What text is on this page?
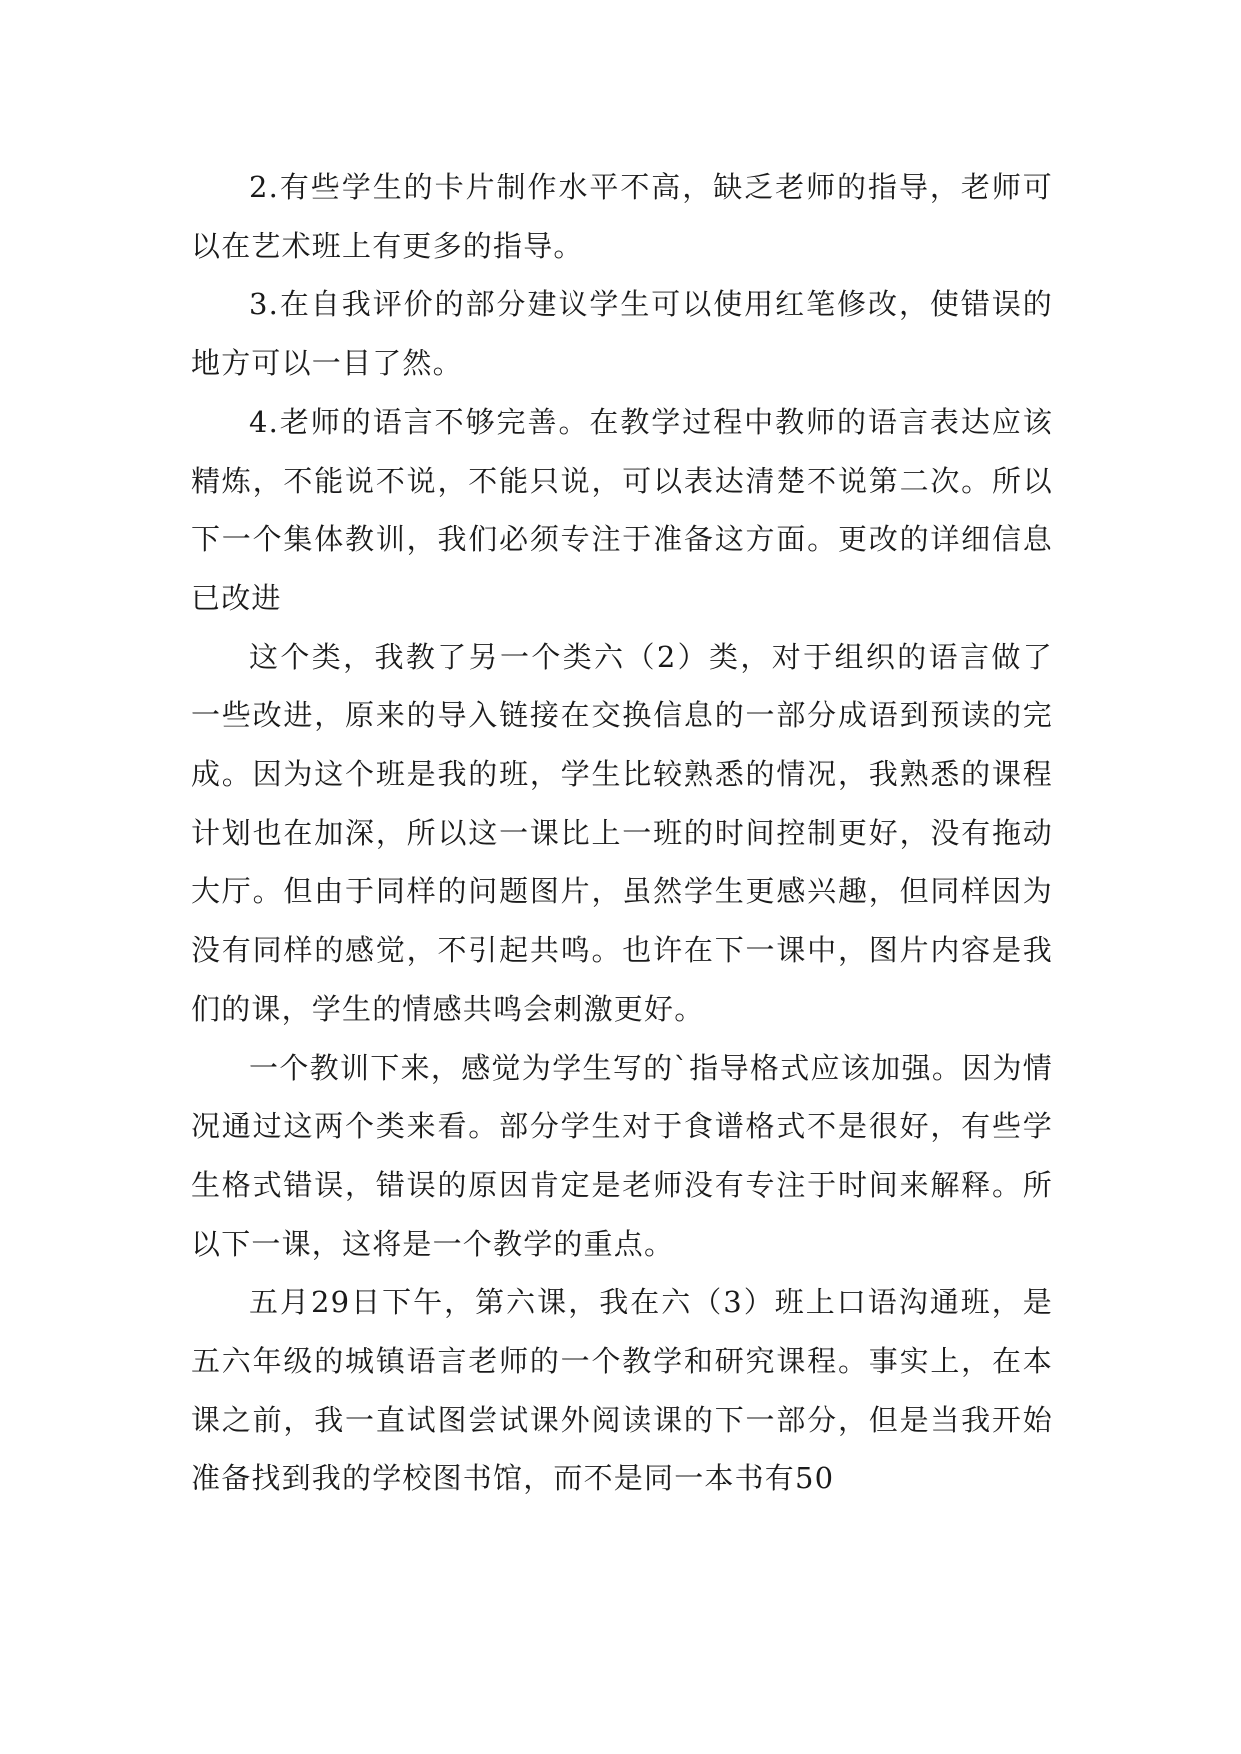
2.有些学生的卡片制作水平不高，缺乏老师的指导，老师可以在艺术班上有更多的指导。

3.在自我评价的部分建议学生可以使用红笔修改，使错误的地方可以一目了然。

4.老师的语言不够完善。在教学过程中教师的语言表达应该精炼，不能说不说，不能只说，可以表达清楚不说第二次。所以下一个集体教训，我们必须专注于准备这方面。更改的详细信息已改进

这个类，我教了另一个类六（2）类，对于组织的语言做了一些改进，原来的导入链接在交换信息的一部分成语到预读的完成。因为这个班是我的班，学生比较熟悉的情况，我熟悉的课程计划也在加深，所以这一课比上一班的时间控制更好，没有拖动大厅。但由于同样的问题图片，虽然学生更感兴趣，但同样因为没有同样的感觉，不引起共鸣。也许在下一课中，图片内容是我们的课，学生的情感共鸣会刺激更好。

一个教训下来，感觉为学生写的`指导格式应该加强。因为情况通过这两个类来看。部分学生对于食谱格式不是很好，有些学生格式错误，错误的原因肯定是老师没有专注于时间来解释。所以下一课，这将是一个教学的重点。

五月29日下午，第六课，我在六（3）班上口语沟通班，是五六年级的城镇语言老师的一个教学和研究课程。事实上，在本课之前，我一直试图尝试课外阅读课的下一部分，但是当我开始准备找到我的学校图书馆，而不是同一本书有50
